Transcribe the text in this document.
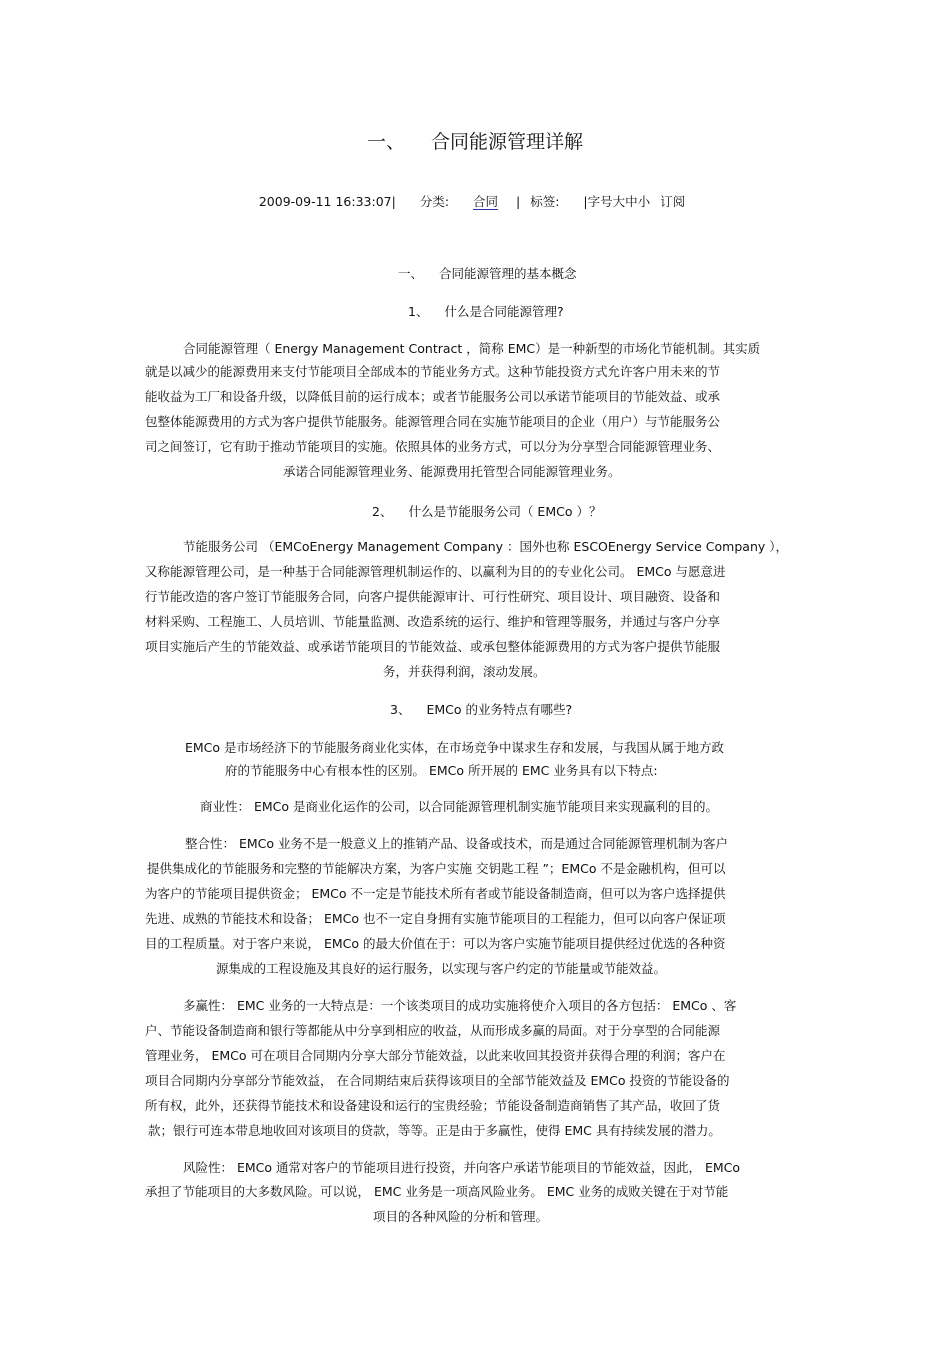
一、 合同能源管理详解
2009-09-11 16:33:07| 分类: 合同 | 标签: |字号大中小 订阅
一、 合同能源管理的基本概念
1、 什么是合同能源管理?
合同能源管理（ Energy Management Contract ，简称 EMC）是一种新型的市场化节能机制。其实质
就是以减少的能源费用来支付节能项目全部成本的节能业务方式。这种节能投资方式允许客户用未来的节
能收益为工厂和设备升级，以降低目前的运行成本；或者节能服务公司以承诺节能项目的节能效益、或承
包整体能源费用的方式为客户提供节能服务。能源管理合同在实施节能项目的企业（用户）与节能服务公
司之间签订，它有助于推动节能项目的实施。依照具体的业务方式，可以分为分享型合同能源管理业务、
承诺合同能源管理业务、能源费用托管型合同能源管理业务。
2、 什么是节能服务公司（ EMCo ）？
节能服务公司 （EMCoEnergy Management Company ：国外也称 ESCOEnergy Service Company ），
又称能源管理公司，是一种基于合同能源管理机制运作的、以赢利为目的的专业化公司。 EMCo 与愿意进
行节能改造的客户签订节能服务合同，向客户提供能源审计、可行性研究、项目设计、项目融资、设备和
材料采购、工程施工、人员培训、节能量监测、改造系统的运行、维护和管理等服务，并通过与客户分享
项目实施后产生的节能效益、或承诺节能项目的节能效益、或承包整体能源费用的方式为客户提供节能服
务，并获得利润，滚动发展。
3、 EMCo 的业务特点有哪些?
EMCo 是市场经济下的节能服务商业化实体，在市场竞争中谋求生存和发展，与我国从属于地方政
府的节能服务中心有根本性的区别。 EMCo 所开展的 EMC 业务具有以下特点:
商业性： EMCo 是商业化运作的公司，以合同能源管理机制实施节能项目来实现赢利的目的。
整合性： EMCo 业务不是一般意义上的推销产品、设备或技术，而是通过合同能源管理机制为客户
提供集成化的节能服务和完整的节能解决方案，为客户实施 交钥匙工程 ”；EMCo 不是金融机构，但可以
为客户的节能项目提供资金； EMCo 不一定是节能技术所有者或节能设备制造商，但可以为客户选择提供
先进、成熟的节能技术和设备； EMCo 也不一定自身拥有实施节能项目的工程能力，但可以向客户保证项
目的工程质量。对于客户来说， EMCo 的最大价值在于：可以为客户实施节能项目提供经过优选的各种资
源集成的工程设施及其良好的运行服务，以实现与客户约定的节能量或节能效益。
多赢性： EMC 业务的一大特点是：一个该类项目的成功实施将使介入项目的各方包括： EMCo 、客
户、节能设备制造商和银行等都能从中分享到相应的收益，从而形成多赢的局面。对于分享型的合同能源
管理业务， EMCo 可在项目合同期内分享大部分节能效益，以此来收回其投资并获得合理的利润；客户在
项目合同期内分享部分节能效益， 在合同期结束后获得该项目的全部节能效益及 EMCo 投资的节能设备的
所有权，此外，还获得节能技术和设备建设和运行的宝贵经验；节能设备制造商销售了其产品，收回了货
款；银行可连本带息地收回对该项目的贷款，等等。正是由于多赢性，使得 EMC 具有持续发展的潜力。
风险性： EMCo 通常对客户的节能项目进行投资，并向客户承诺节能项目的节能效益，因此， EMCo
承担了节能项目的大多数风险。可以说， EMC 业务是一项高风险业务。 EMC 业务的成败关键在于对节能
项目的各种风险的分析和管理。
